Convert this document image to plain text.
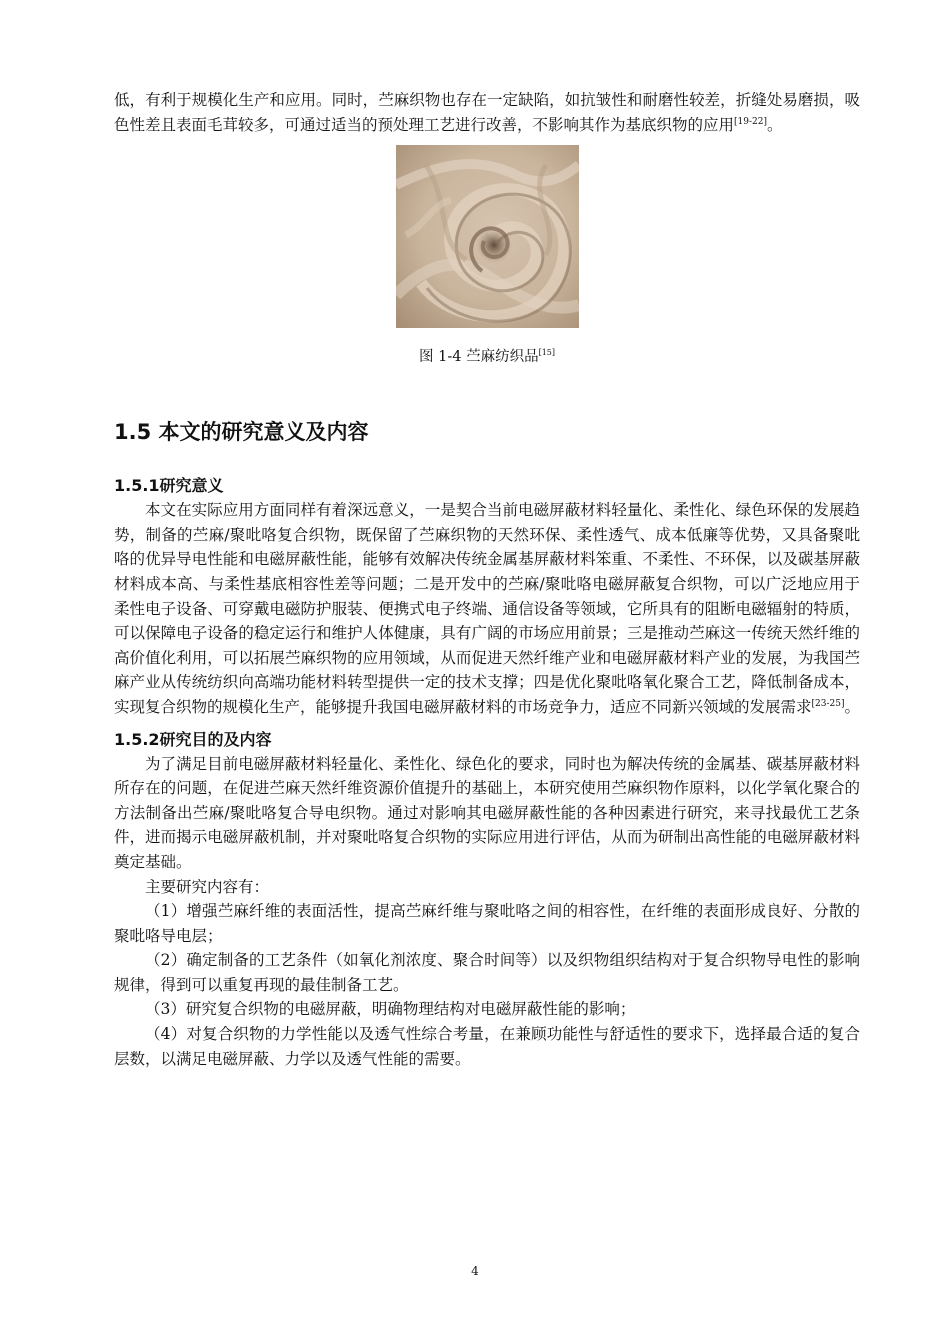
低，有利于规模化生产和应用。同时，苎麻织物也存在一定缺陷，如抗皱性和耐磨性较差，折缝处易磨损，吸色性差且表面毛茸较多，可通过适当的预处理工艺进行改善，不影响其作为基底织物的应用[19-22]。

图 1-4 苎麻纺织品[15]
1.5 本文的研究意义及内容
1.5.1研究意义

本文在实际应用方面同样有着深远意义，一是契合当前电磁屏蔽材料轻量化、柔性化、绿色环保的发展趋势，制备的苎麻/聚吡咯复合织物，既保留了苎麻织物的天然环保、柔性透气、成本低廉等优势，又具备聚吡咯的优异导电性能和电磁屏蔽性能，能够有效解决传统金属基屏蔽材料笨重、不柔性、不环保，以及碳基屏蔽材料成本高、与柔性基底相容性差等问题；二是开发中的苎麻/聚吡咯电磁屏蔽复合织物，可以广泛地应用于柔性电子设备、可穿戴电磁防护服装、便携式电子终端、通信设备等领域，它所具有的阻断电磁辐射的特质，可以保障电子设备的稳定运行和维护人体健康，具有广阔的市场应用前景；三是推动苎麻这一传统天然纤维的高价值化利用，可以拓展苎麻织物的应用领域，从而促进天然纤维产业和电磁屏蔽材料产业的发展，为我国苎麻产业从传统纺织向高端功能材料转型提供一定的技术支撑；四是优化聚吡咯氧化聚合工艺，降低制备成本，实现复合织物的规模化生产，能够提升我国电磁屏蔽材料的市场竞争力，适应不同新兴领域的发展需求[23-25]。

1.5.2研究目的及内容

为了满足目前电磁屏蔽材料轻量化、柔性化、绿色化的要求，同时也为解决传统的金属基、碳基屏蔽材料所存在的问题，在促进苎麻天然纤维资源价值提升的基础上，本研究使用苎麻织物作原料，以化学氧化聚合的方法制备出苎麻/聚吡咯复合导电织物。通过对影响其电磁屏蔽性能的各种因素进行研究，来寻找最优工艺条件，进而揭示电磁屏蔽机制，并对聚吡咯复合织物的实际应用进行评估，从而为研制出高性能的电磁屏蔽材料奠定基础。

主要研究内容有：

（1）增强苎麻纤维的表面活性，提高苎麻纤维与聚吡咯之间的相容性，在纤维的表面形成良好、分散的聚吡咯导电层；

（2）确定制备的工艺条件（如氧化剂浓度、聚合时间等）以及织物组织结构对于复合织物导电性的影响规律，得到可以重复再现的最佳制备工艺。

（3）研究复合织物的电磁屏蔽，明确物理结构对电磁屏蔽性能的影响；

（4）对复合织物的力学性能以及透气性综合考量，在兼顾功能性与舒适性的要求下，选择最合适的复合层数，以满足电磁屏蔽、力学以及透气性能的需要。

4
